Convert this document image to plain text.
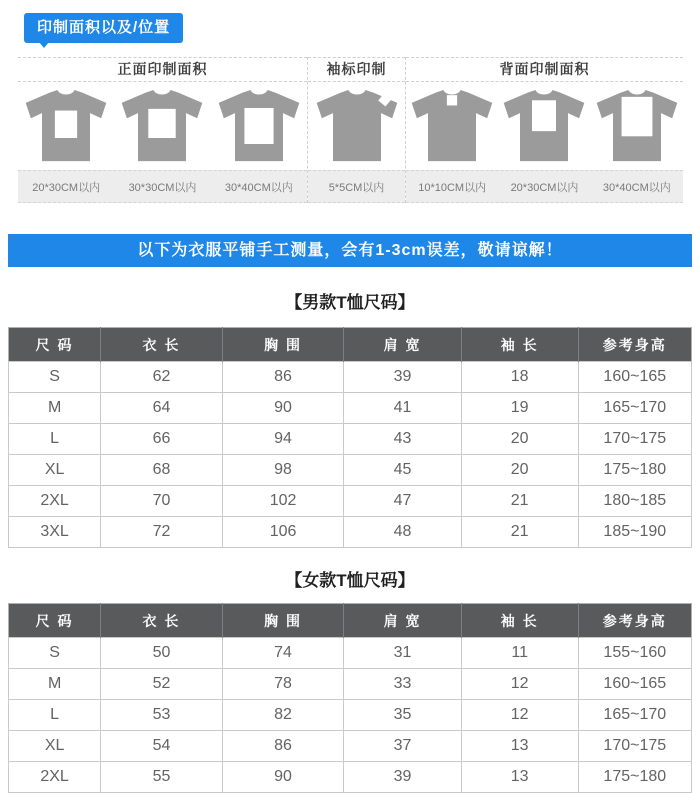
印制面积以及/位置
正面印制面积
20*30CM以内	30*30CM以内	30*40CM以内
袖标印制
5*5CM以内
背面印制面积
10*10CM以内	20*30CM以内	30*40CM以内
以下为衣服平铺手工测量，会有1-3cm误差，敬请谅解！
【男款T恤尺码】
尺 码	衣 长	胸 围	肩 宽	袖 长	参考身高
S	62	86	39	18	160~165
M	64	90	41	19	165~170
L	66	94	43	20	170~175
XL	68	98	45	20	175~180
2XL	70	102	47	21	180~185
3XL	72	106	48	21	185~190
【女款T恤尺码】
尺 码	衣 长	胸 围	肩 宽	袖 长	参考身高
S	50	74	31	11	155~160
M	52	78	33	12	160~165
L	53	82	35	12	165~170
XL	54	86	37	13	170~175
2XL	55	90	39	13	175~180
